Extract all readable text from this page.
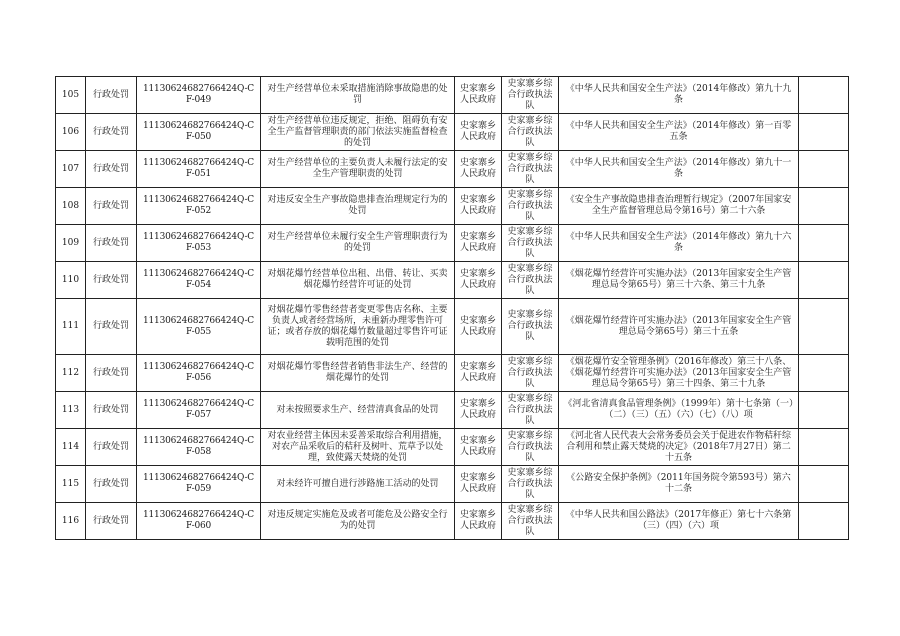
105	行政处罚	11130624682766424Q-CF-049	对生产经营单位未采取措施消除事故隐患的处罚	史家寨乡人民政府	史家寨乡综合行政执法队	《中华人民共和国安全生产法》（2014年修改）第九十九条	
106	行政处罚	11130624682766424Q-CF-050	对生产经营单位违反规定，拒绝、阻碍负有安全生产监督管理职责的部门依法实施监督检查的处罚	史家寨乡人民政府	史家寨乡综合行政执法队	《中华人民共和国安全生产法》（2014年修改）第一百零五条	
107	行政处罚	11130624682766424Q-CF-051	对生产经营单位的主要负责人未履行法定的安全生产管理职责的处罚	史家寨乡人民政府	史家寨乡综合行政执法队	《中华人民共和国安全生产法》（2014年修改）第九十一条	
108	行政处罚	11130624682766424Q-CF-052	对违反安全生产事故隐患排查治理规定行为的处罚	史家寨乡人民政府	史家寨乡综合行政执法队	《安全生产事故隐患排查治理暂行规定》（2007年国家安全生产监督管理总局令第16号）第二十六条	
109	行政处罚	11130624682766424Q-CF-053	对生产经营单位未履行安全生产管理职责行为的处罚	史家寨乡人民政府	史家寨乡综合行政执法队	《中华人民共和国安全生产法》（2014年修改）第九十六条	
110	行政处罚	11130624682766424Q-CF-054	对烟花爆竹经营单位出租、出借、转让、买卖烟花爆竹经营许可证的处罚	史家寨乡人民政府	史家寨乡综合行政执法队	《烟花爆竹经营许可实施办法》（2013年国家安全生产管理总局令第65号）第三十六条、第三十九条	
111	行政处罚	11130624682766424Q-CF-055	对烟花爆竹零售经营者变更零售店名称、主要负责人或者经营场所，未重新办理零售许可证；或者存放的烟花爆竹数量超过零售许可证载明范围的处罚	史家寨乡人民政府	史家寨乡综合行政执法队	《烟花爆竹经营许可实施办法》（2013年国家安全生产管理总局令第65号）第三十五条	
112	行政处罚	11130624682766424Q-CF-056	对烟花爆竹零售经营者销售非法生产、经营的烟花爆竹的处罚	史家寨乡人民政府	史家寨乡综合行政执法队	《烟花爆竹安全管理条例》（2016年修改）第三十八条、《烟花爆竹经营许可实施办法》（2013年国家安全生产管理总局令第65号）第三十四条、第三十九条	
113	行政处罚	11130624682766424Q-CF-057	对未按照要求生产、经营清真食品的处罚	史家寨乡人民政府	史家寨乡综合行政执法队	《河北省清真食品管理条例》（1999年）第十七条第（一）（二）（三）（五）（六）（七）（八）项	
114	行政处罚	11130624682766424Q-CF-058	对农业经营主体因未妥善采取综合利用措施，对农产品采收后的秸秆及树叶、荒草予以处理，致使露天焚烧的处罚	史家寨乡人民政府	史家寨乡综合行政执法队	《河北省人民代表大会常务委员会关于促进农作物秸秆综合利用和禁止露天焚烧的决定》（2018年7月27日）第二十五条	
115	行政处罚	11130624682766424Q-CF-059	对未经许可擅自进行涉路施工活动的处罚	史家寨乡人民政府	史家寨乡综合行政执法队	《公路安全保护条例》（2011年国务院令第593号）第六十二条	
116	行政处罚	11130624682766424Q-CF-060	对违反规定实施危及或者可能危及公路安全行为的处罚	史家寨乡人民政府	史家寨乡综合行政执法队	《中华人民共和国公路法》（2017年修正）第七十六条第（三）（四）（六）项	
